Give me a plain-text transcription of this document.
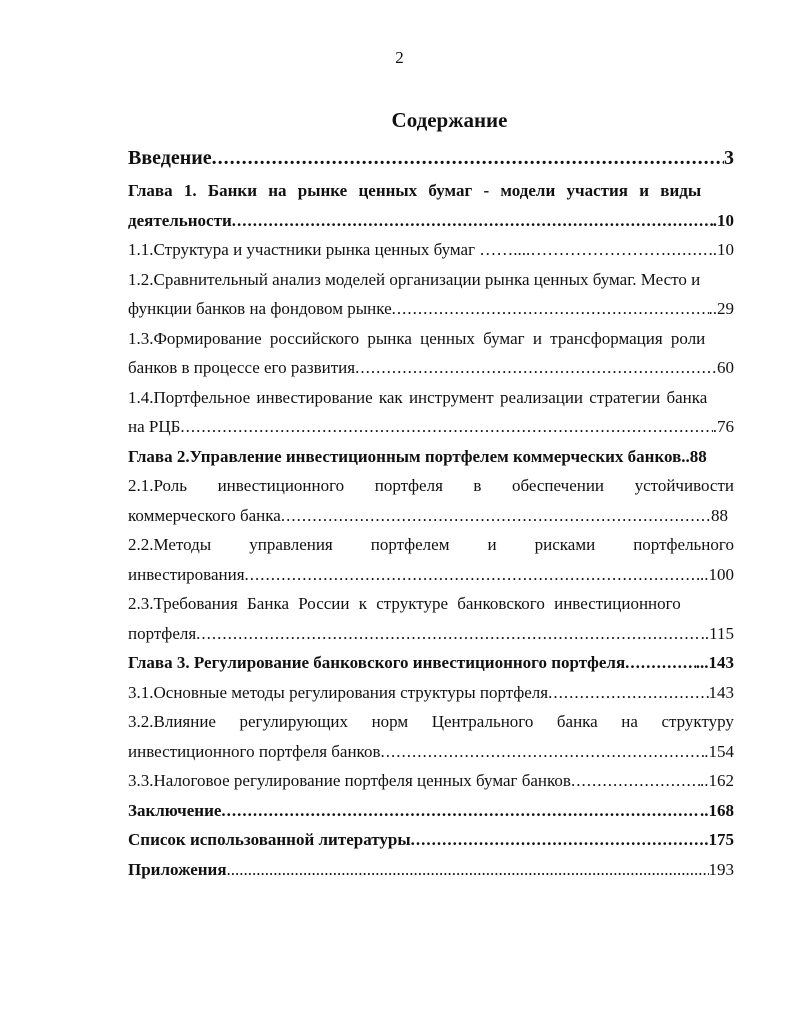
2
Содержание
Введение .....	3
Глава 1. Банки на рынке ценных бумаг - модели участия и виды
деятельности .....	.10
1.1.Структура и участники рынка ценных бумаг ……....…………………… ..... ..10
1.2.Сравнительный анализ моделей организации рынка ценных бумаг. Место и
функции банков на фондовом рынке .....	..29
1.3.Формирование российского рынка ценных бумаг и трансформация роли
банков в процессе его развития .....	60
1.4.Портфельное инвестирование как инструмент реализации стратегии банка
на РЦБ .....	.76
Глава 2.Управление инвестиционным портфелем коммерческих банков ..88
2.1.Роль инвестиционного портфеля в обеспечении устойчивости
коммерческого банка .....	88
2.2.Методы управления портфелем и рисками портфельного
инвестирования .....	..100
2.3.Требования Банка России к структуре банковского инвестиционного
портфеля .....	..115
Глава 3. Регулирование банковского инвестиционного портфеля .....	...143
3.1.Основные методы регулирования структуры портфеля .....	143
3.2.Влияние регулирующих норм Центрального банка на структуру
инвестиционного портфеля банков .....	.154
3.3.Налоговое регулирование портфеля ценных бумаг банков .....	..162
Заключение .....	..168
Список использованной литературы .....	.175
Приложения .....	193
